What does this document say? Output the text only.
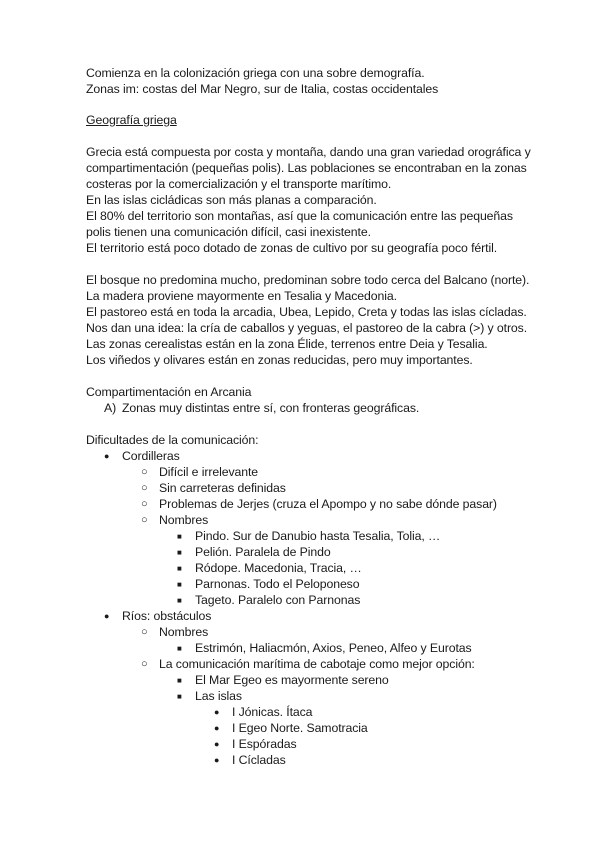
Comienza en la colonización griega con una sobre demografía.
Zonas im: costas del Mar Negro, sur de Italia, costas occidentales
Geografía griega
Grecia está compuesta por costa y montaña, dando una gran variedad orográfica y
compartimentación (pequeñas polis). Las poblaciones se encontraban en la zonas
costeras por la comercialización y el transporte marítimo.
En las islas cicládicas son más planas a comparación.
El 80% del territorio son montañas, así que la comunicación entre las pequeñas
polis tienen una comunicación difícil, casi inexistente.
El territorio está poco dotado de zonas de cultivo por su geografía poco fértil.
El bosque no predomina mucho, predominan sobre todo cerca del Balcano (norte).
La madera proviene mayormente en Tesalia y Macedonia.
El pastoreo está en toda la arcadia, Ubea, Lepido, Creta y todas las islas cícladas.
Nos dan una idea: la cría de caballos y yeguas, el pastoreo de la cabra (>) y otros.
Las zonas cerealistas están en la zona Élide, terrenos entre Deia y Tesalia.
Los viñedos y olivares están en zonas reducidas, pero muy importantes.
Compartimentación en Arcania
A) Zonas muy distintas entre sí, con fronteras geográficas.
Dificultades de la comunicación:
● Cordilleras
○ Difícil e irrelevante
○ Sin carreteras definidas
○ Problemas de Jerjes (cruza el Apompo y no sabe dónde pasar)
○ Nombres
■ Pindo. Sur de Danubio hasta Tesalia, Tolia, …
■ Pelión. Paralela de Pindo
■ Ródope. Macedonia, Tracia, …
■ Parnonas. Todo el Peloponeso
■ Tageto. Paralelo con Parnonas
● Ríos: obstáculos
○ Nombres
■ Estrimón, Haliacmón, Axios, Peneo, Alfeo y Eurotas
○ La comunicación marítima de cabotaje como mejor opción:
■ El Mar Egeo es mayormente sereno
■ Las islas
● I Jónicas. Ítaca
● I Egeo Norte. Samotracia
● I Espóradas
● I Cícladas
